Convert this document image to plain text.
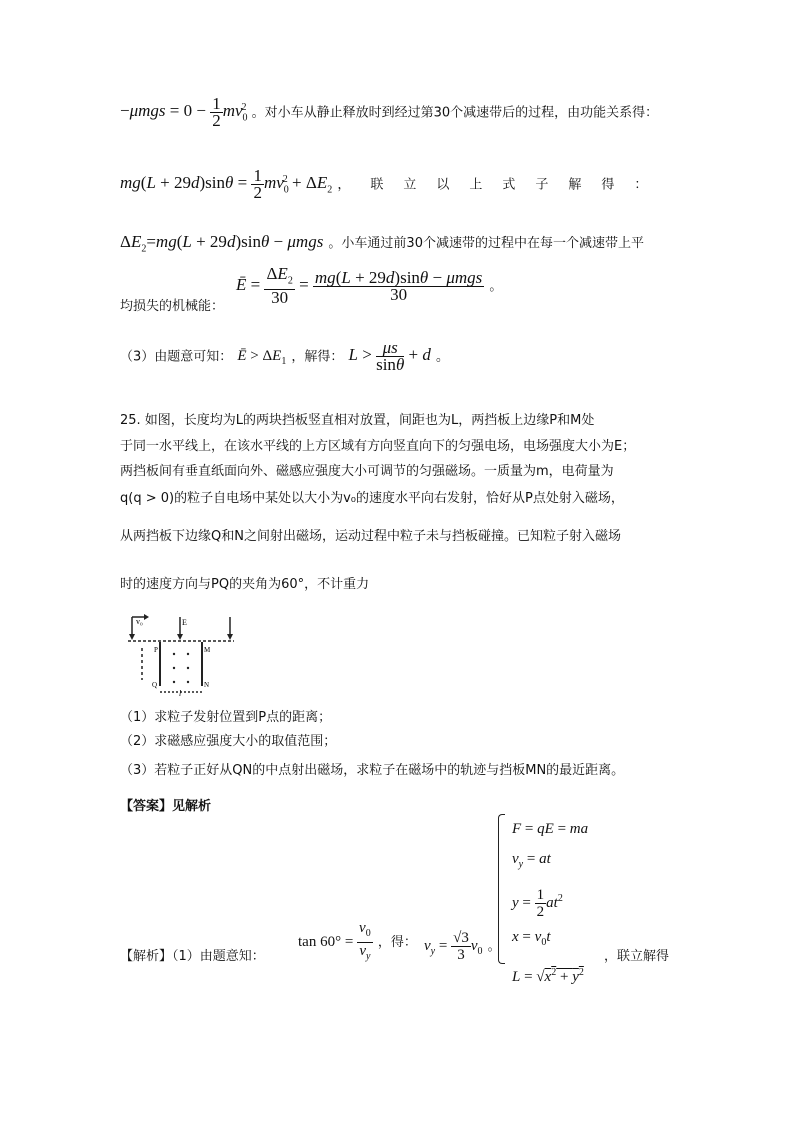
$-\mu mgs = 0 - \frac{1}{2} mv_0^2$ 。对小车从静止释放时到经过第30个减速带后的过程，由功能关系得：
$mg(L + 29d)\sin\theta = \frac{1}{2} mv_0^2 + \Delta E_2$ ，联立以上式子解得：
$\Delta E_2=mg(L + 29d)\sin\theta - \mu mgs$ 。小车通过前30个减速带的过程中在每一个减速带上平
均损失的机械能：
Ē = $\frac{\Delta E_2}{30} = \frac{\text{mg(L + 29d)sinθ − μmgs}}{30}$ 。
（3）由题意可知： Ē > $\Delta E_1$ ，解得： $L > \frac{\mu s}{\sin\theta} + d$ 。
25. 如图，长度均为L的两块挡板竖直相对放置，间距也为L，两挡板上边缘P和M处
于同一水平线上，在该水平线的上方区域有方向竖直向下的匀强电场，电场强度大小为E；
两挡板间有垂直纸面向外、磁感应强度大小可调节的匀强磁场。一质量为m，电荷量为
q(q > 0)的粒子自电场中某处以大小为v₀的速度水平向右发射，恰好从P点处射入磁场，
从两挡板下边缘Q和N之间射出磁场，运动过程中粒子未与挡板碰撞。已知粒子射入磁场
时的速度方向与PQ的夹角为60°，不计重力
v₀	E
P	M
Q	N
l
（1）求粒子发射位置到P点的距离；
（2）求磁感应强度大小的取值范围；
（3）若粒子正好从QN的中点射出磁场，求粒子在磁场中的轨迹与挡板MN的最近距离。
【答案】见解析
【解析】（1）由题意知：
$\tan 60^\circ = \frac{v_0}{v_y}$ ，得： $v_y = \frac{√3}{3} v_0$ 。
F = qE = ma
$v_y$ = at
$y = \frac{1}{2} at^2$
$x = v_0t$
$L = √x^2 + y^2$
，联立解得
